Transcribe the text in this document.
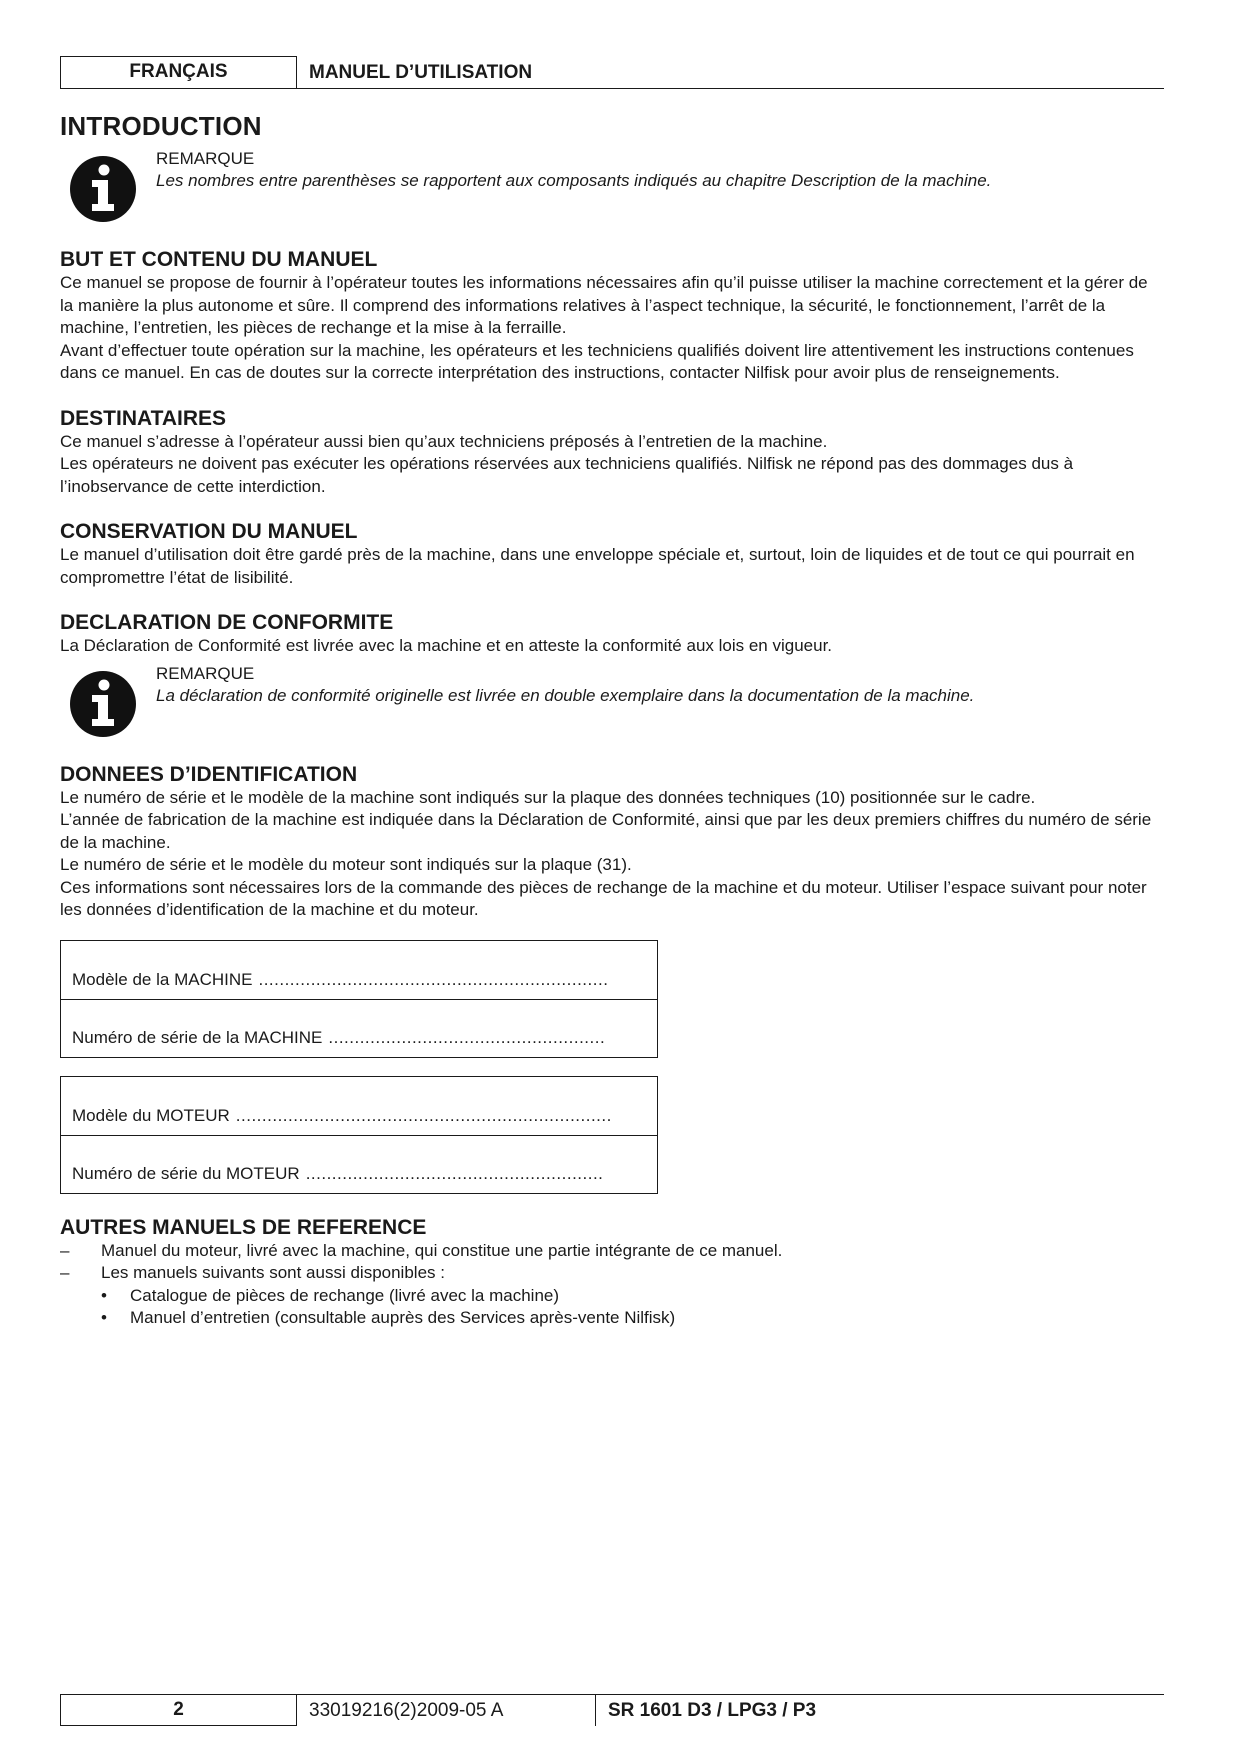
FRANÇAIS	MANUEL D’UTILISATION
INTRODUCTION
REMARQUE
Les nombres entre parenthèses se rapportent aux composants indiqués au chapitre Description de la machine.
BUT ET CONTENU DU MANUEL

Ce manuel se propose de fournir à l’opérateur toutes les informations nécessaires afin qu’il puisse utiliser la machine correctement et la gérer de la manière la plus autonome et sûre. Il comprend des informations relatives à l’aspect technique, la sécurité, le fonctionnement, l’arrêt de la machine, l’entretien, les pièces de rechange et la mise à la ferraille.

Avant d’effectuer toute opération sur la machine, les opérateurs et les techniciens qualifiés doivent lire attentivement les instructions contenues dans ce manuel. En cas de doutes sur la correcte interprétation des instructions, contacter Nilfisk pour avoir plus de renseignements.

DESTINATAIRES

Ce manuel s’adresse à l’opérateur aussi bien qu’aux techniciens préposés à l’entretien de la machine.

Les opérateurs ne doivent pas exécuter les opérations réservées aux techniciens qualifiés. Nilfisk ne répond pas des dommages dus à l’inobservance de cette interdiction.

CONSERVATION DU MANUEL

Le manuel d’utilisation doit être gardé près de la machine, dans une enveloppe spéciale et, surtout, loin de liquides et de tout ce qui pourrait en compromettre l’état de lisibilité.

DECLARATION DE CONFORMITE

La Déclaration de Conformité est livrée avec la machine et en atteste la conformité aux lois en vigueur.

REMARQUE
La déclaration de conformité originelle est livrée en double exemplaire dans la documentation de la machine.
DONNEES D’IDENTIFICATION

Le numéro de série et le modèle de la machine sont indiqués sur la plaque des données techniques (10) positionnée sur le cadre.

L’année de fabrication de la machine est indiquée dans la Déclaration de Conformité, ainsi que par les deux premiers chiffres du numéro de série de la machine.

Le numéro de série et le modèle du moteur sont indiqués sur la plaque (31).

Ces informations sont nécessaires lors de la commande des pièces de rechange de la machine et du moteur. Utiliser l’espace suivant pour noter les données d’identification de la machine et du moteur.

Modèle de la MACHINE ...................................................................
Numéro de série de la MACHINE .....................................................
Modèle du MOTEUR ........................................................................
Numéro de série du MOTEUR .........................................................
AUTRES MANUELS DE REFERENCE
– Manuel du moteur, livré avec la machine, qui constitue une partie intégrante de ce manuel.
– Les manuels suivants sont aussi disponibles :
• Catalogue de pièces de rechange (livré avec la machine)
• Manuel d’entretien (consultable auprès des Services après-vente Nilfisk)
2	33019216(2)2009-05 A	SR 1601 D3 / LPG3 / P3
